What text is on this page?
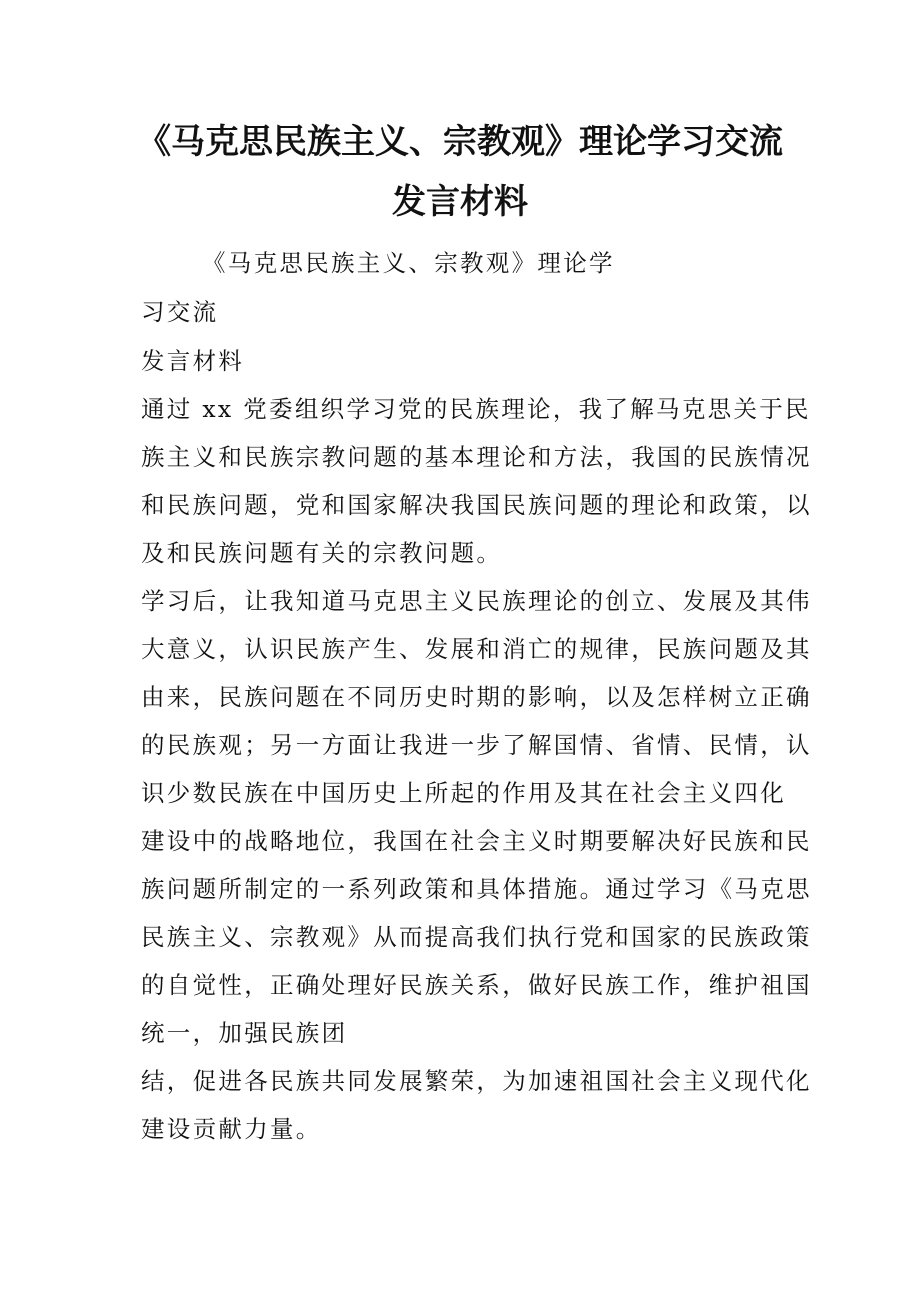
《马克思民族主义、宗教观》理论学习交流
发言材料
《马克思民族主义、宗教观》理论学
习交流
发言材料
通过 xx 党委组织学习党的民族理论，我了解马克思关于民
族主义和民族宗教问题的基本理论和方法，我国的民族情况
和民族问题，党和国家解决我国民族问题的理论和政策，以
及和民族问题有关的宗教问题。
学习后，让我知道马克思主义民族理论的创立、发展及其伟
大意义，认识民族产生、发展和消亡的规律，民族问题及其
由来，民族问题在不同历史时期的影响，以及怎样树立正确
的民族观；另一方面让我进一步了解国情、省情、民情，认
识少数民族在中国历史上所起的作用及其在社会主义四化
建设中的战略地位，我国在社会主义时期要解决好民族和民
族问题所制定的一系列政策和具体措施。通过学习《马克思
民族主义、宗教观》从而提高我们执行党和国家的民族政策
的自觉性，正确处理好民族关系，做好民族工作，维护祖国
统一，加强民族团
结，促进各民族共同发展繁荣，为加速祖国社会主义现代化
建设贡献力量。
